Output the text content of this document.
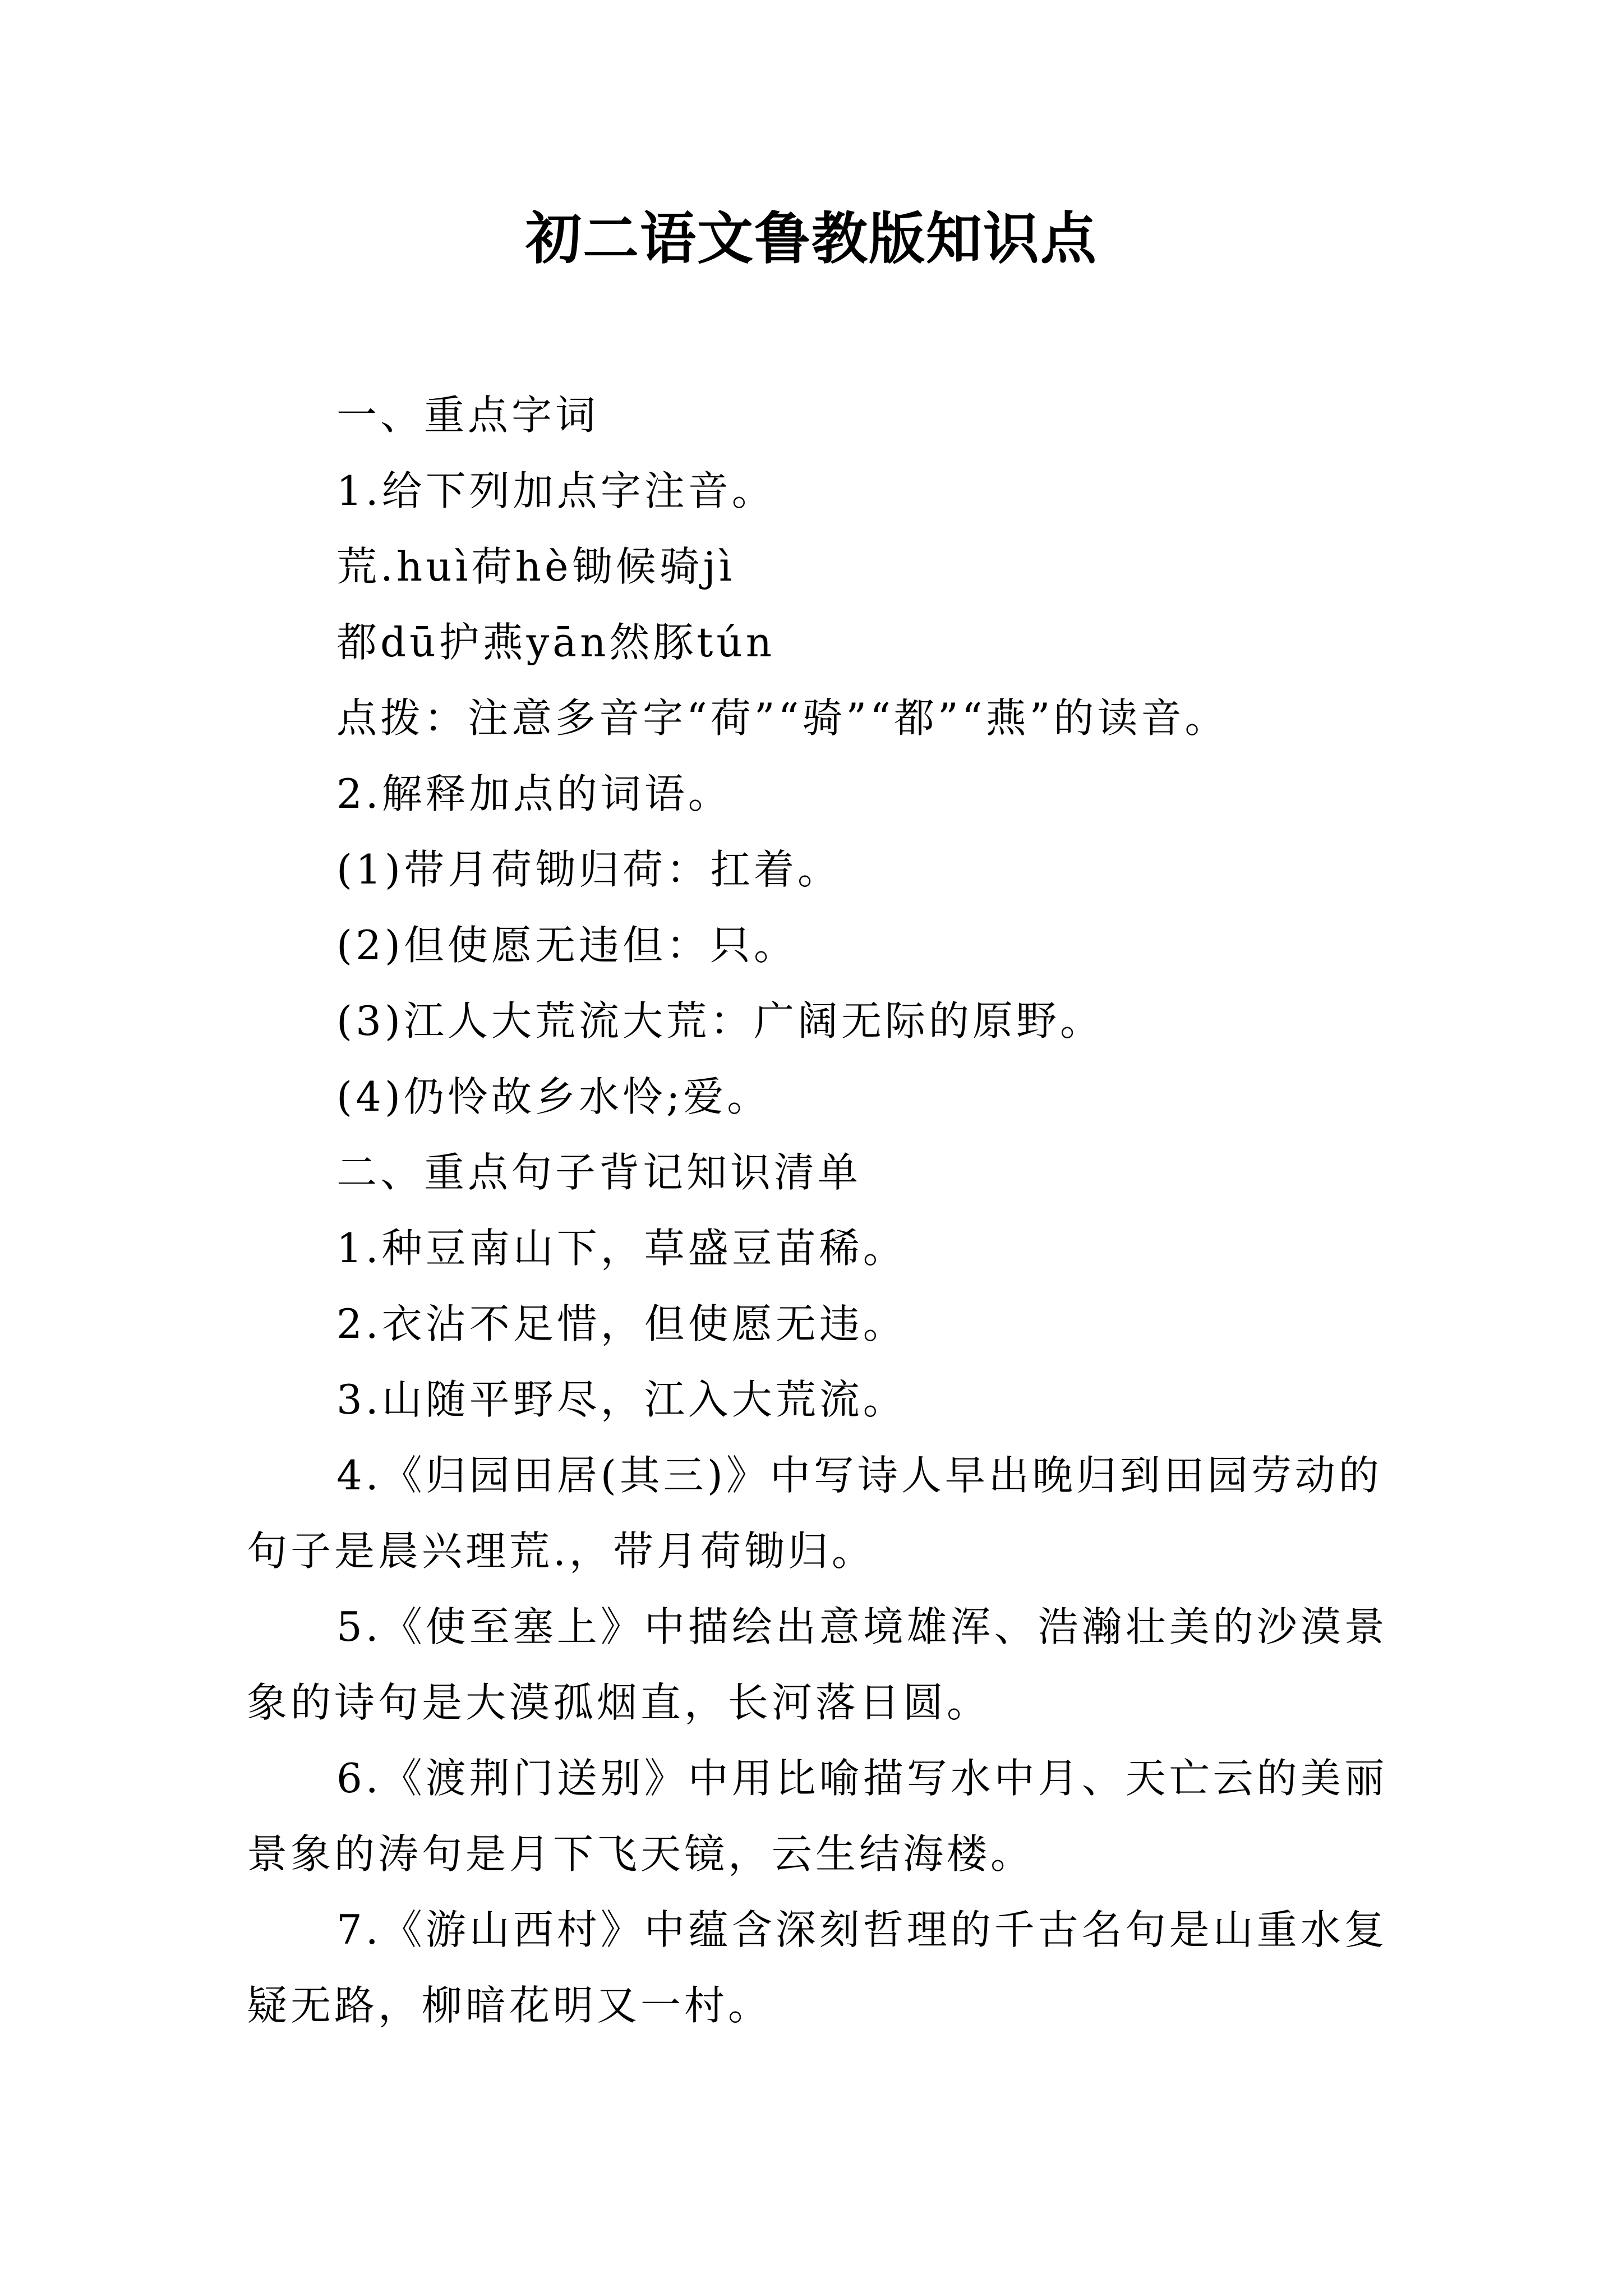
初二语文鲁教版知识点
一、重点字词
1.给下列加点字注音。
荒.huì荷hè锄候骑jì
都dū护燕yān然豚tún
点拨：注意多音字“荷”“骑”“都”“燕”的读音。
2.解释加点的词语。
(1)带月荷锄归荷：扛着。
(2)但使愿无违但：只。
(3)江人大荒流大荒：广阔无际的原野。
(4)仍怜故乡水怜;爱。
二、重点句子背记知识清单
1.种豆南山下，草盛豆苗稀。
2.衣沾不足惜，但使愿无违。
3.山随平野尽，江入大荒流。
4.《归园田居(其三)》中写诗人早出晚归到田园劳动的
句子是晨兴理荒.，带月荷锄归。
5.《使至塞上》中描绘出意境雄浑、浩瀚壮美的沙漠景
象的诗句是大漠孤烟直，长河落日圆。
6.《渡荆门送别》中用比喻描写水中月、天亡云的美丽
景象的涛句是月下飞天镜，云生结海楼。
7.《游山西村》中蕴含深刻哲理的千古名句是山重水复
疑无路，柳暗花明又一村。
